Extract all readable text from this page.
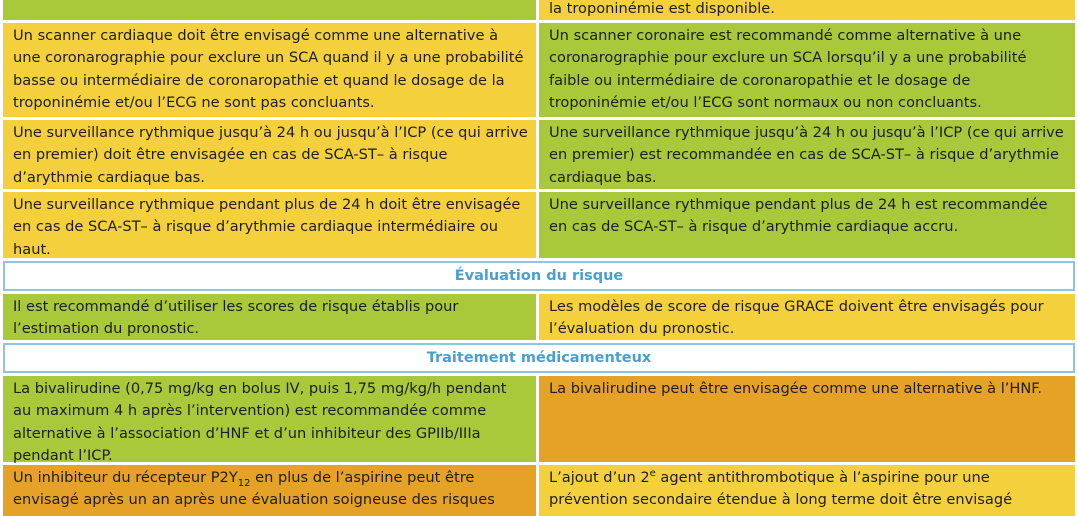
la troponinémie est disponible.
Un scanner cardiaque doit être envisagé comme une alternative à une coronarographie pour exclure un SCA quand il y a une probabilité basse ou intermédiaire de coronaropathie et quand le dosage de la troponinémie et/ou l’ECG ne sont pas concluants.
Un scanner coronaire est recommandé comme alternative à une coronarographie pour exclure un SCA lorsqu’il y a une probabilité faible ou intermédiaire de coronaropathie et le dosage de troponinémie et/ou l’ECG sont normaux ou non concluants.
Une surveillance rythmique jusqu’à 24 h ou jusqu’à l’ICP (ce qui arrive en premier) doit être envisagée en cas de SCA-ST– à risque d’arythmie cardiaque bas.
Une surveillance rythmique jusqu’à 24 h ou jusqu’à l’ICP (ce qui arrive en premier) est recommandée en cas de SCA-ST– à risque d’arythmie cardiaque bas.
Une surveillance rythmique pendant plus de 24 h doit être envisagée en cas de SCA-ST– à risque d’arythmie cardiaque intermédiaire ou haut.
Une surveillance rythmique pendant plus de 24 h est recommandée en cas de SCA-ST– à risque d’arythmie cardiaque accru.
Évaluation du risque
Il est recommandé d’utiliser les scores de risque établis pour l’estimation du pronostic.
Les modèles de score de risque GRACE doivent être envisagés pour l’évaluation du pronostic.
Traitement médicamenteux
La bivalirudine (0,75 mg/kg en bolus IV, puis 1,75 mg/kg/h pendant au maximum 4 h après l’intervention) est recommandée comme alternative à l’association d’HNF et d’un inhibiteur des GPIIb/IIIa pendant l’ICP.
La bivalirudine peut être envisagée comme une alternative à l’HNF.
Un inhibiteur du récepteur $P2Y_{12}$ en plus de l’aspirine peut être envisagé après un an après une évaluation soigneuse des risques
L’ajout d’un 2e agent antithrombotique à l’aspirine pour une prévention secondaire étendue à long terme doit être envisagé
